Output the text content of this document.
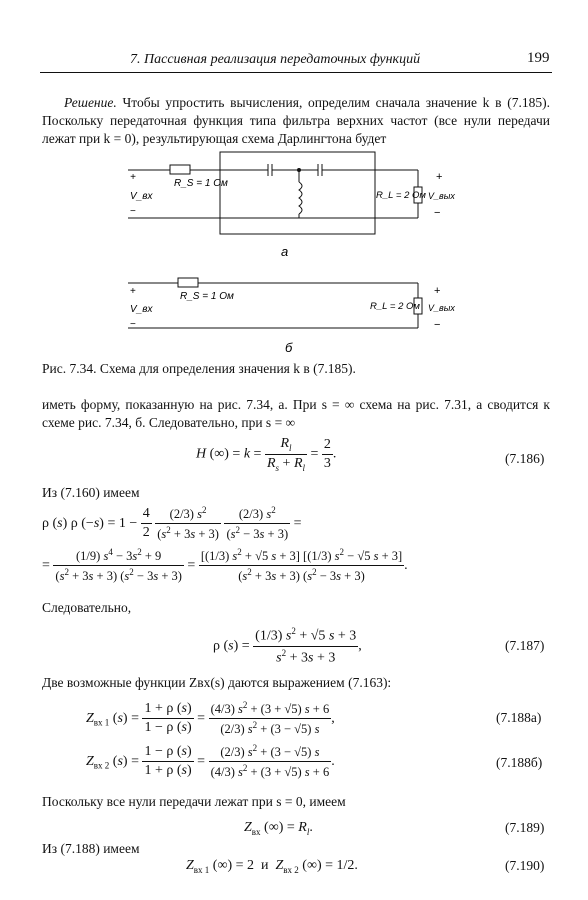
7. Пассивная реализация передаточных функций	199
Решение. Чтобы упростить вычисления, определим сначала значение k в (7.185). Поскольку передаточная функция типа фильтра верхних частот (все нули передачи лежат при k = 0), результирующая схема Дарлингтона будет
+
V_вх
−
R_S = 1 Ом
R_L = 2 Ом
+
V_вых
−
а
+
V_вх
−
R_S = 1 Ом
R_L = 2 Ом
+
V_вых
−
б
Рис. 7.34. Схема для определения значения k в (7.185).
иметь форму, показанную на рис. 7.34, а. При s = ∞ схема на рис. 7.31, а сводится к схеме рис. 7.34, б. Следовательно, при s = ∞
H (∞) = $k = \frac{R_l}{R_s + R_l} = \frac{2}{3}$ .	(7.186)
Из (7.160) имеем
ρ (s) ρ $(-s) = 1 - \frac{4}{2}$
$\frac{(2/3) s^2}{(s^2 + 3s + 3)}$
$\frac{(2/3) s^2}{(s^2 - 3s + 3)}$ =
= $\frac{(1/9) s^4 - 3s^2 + 9}{(s^2 + 3s + 3) (s^2 - 3s + 3)} = \frac{[(1/3) s^2 + √5 s + 3] [(1/3) s^2 - √5 s + 3]}{(s^2 + 3s + 3) (s^2 - 3s + 3)}$ .
Следовательно,
ρ $(s) = \frac{(1/3) s^2 + √5 s + 3}{s^2 + 3s + 3}$ ,	(7.187)
Две возможные функции Zвх(s) даются выражением (7.163):
$Z_{вх 1}$ $(s) = \frac{1 + \rho (s)}{1 - \rho (s)} = \frac{(4/3) s^2 + (3 + √5) s + 6}{(2/3) s^2 + (3 - √5) s}$ ,	(7.188а)
$Z_{вх 2}$ $(s) = \frac{1 - \rho (s)}{1 + \rho (s)} = \frac{(2/3) s^2 + (3 - √5) s}{(4/3) s^2 + (3 + √5) s + 6}$ .	(7.188б)
Поскольку все нули передачи лежат при s = 0, имеем
$Z_{вх}$ (∞) = $R_l$.	(7.189)
Из (7.188) имеем
$Z_{вх 1}$ (∞) = 2  и  $Z_{вх 2}$ (∞) = 1/2.	(7.190)
